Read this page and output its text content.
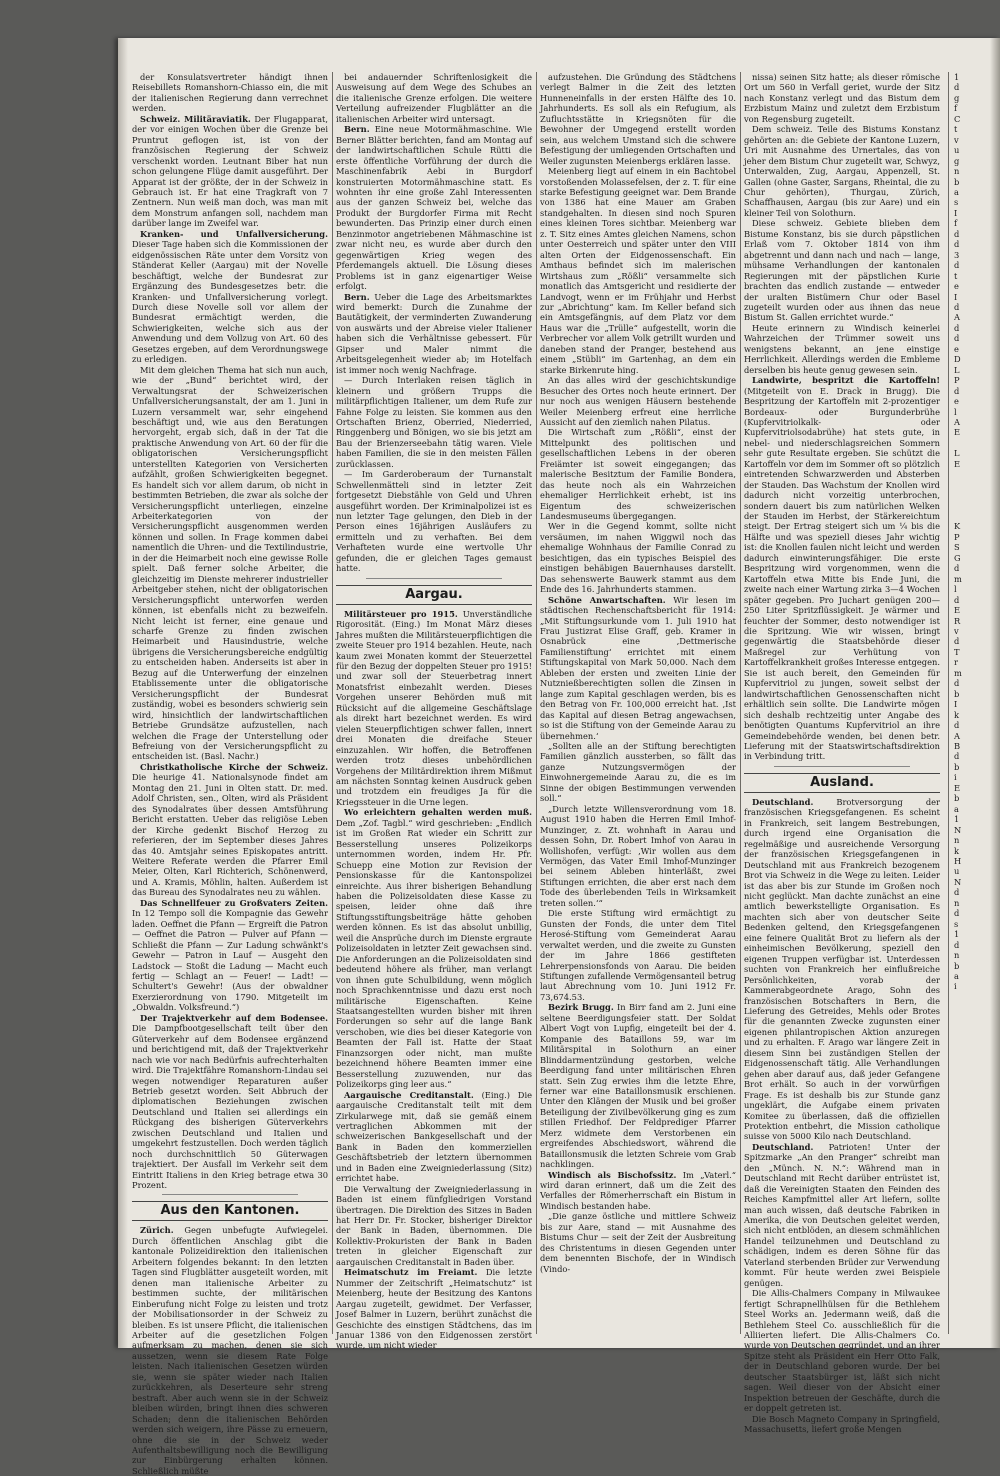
der Konsulatsvertreter händigt ihnen Reisebillets Romanshorn-Chiasso ein, die mit der italienischen Regierung dann verrechnet werden.

Schweiz. Militäraviatik. Der Flugapparat, der vor einigen Wochen über die Grenze bei Pruntrut geflogen ist, ist von der französischen Regierung der Schweiz verschenkt worden. Leutnant Biber hat nun schon gelungene Flüge damit ausgeführt. Der Apparat ist der größte, der in der Schweiz in Gebrauch ist. Er hat eine Tragkraft von 7 Zentnern. Nun weiß man doch, was man mit dem Monstrum anfangen soll, nachdem man darüber lange im Zweifel war.

Kranken- und Unfallversicherung. Dieser Tage haben sich die Kommissionen der eidgenössischen Räte unter dem Vorsitz von Ständerat Keller (Aargau) mit der Novelle beschäftigt, welche der Bundesrat zur Ergänzung des Bundesgesetzes betr. die Kranken- und Unfallversicherung vorlegt. Durch diese Novelle soll vor allem der Bundesrat ermächtigt werden, die Schwierigkeiten, welche sich aus der Anwendung und dem Vollzug von Art. 60 des Gesetzes ergeben, auf dem Verordnungswege zu erledigen.

Mit dem gleichen Thema hat sich nun auch, wie der „Bund“ berichtet wird, der Verwaltungsrat der Schweizerischen Unfallversicherungsanstalt, der am 1. Juni in Luzern versammelt war, sehr eingehend beschäftigt und, wie aus den Beratungen hervorgeht, ergab sich, daß in der Tat die praktische Anwendung von Art. 60 der für die obligatorischen Versicherungspflicht unterstellten Kategorien von Versicherten aufzählt, großen Schwierigkeiten begegnet. Es handelt sich vor allem darum, ob nicht in bestimmten Betrieben, die zwar als solche der Versicherungspflicht unterliegen, einzelne Arbeiterkategorien von der Versicherungspflicht ausgenommen werden können und sollen. In Frage kommen dabei namentlich die Uhren- und die Textilindustrie, in der die Heimarbeit noch eine gewisse Rolle spielt. Daß ferner solche Arbeiter, die gleichzeitig im Dienste mehrerer industrieller Arbeitgeber stehen, nicht der obligatorischen Versicherungspflicht unterworfen werden können, ist ebenfalls nicht zu bezweifeln. Nicht leicht ist ferner, eine genaue und scharfe Grenze zu finden zwischen Heimarbeit und Hausindustrie, welche übrigens die Versicherungsbereiche endgültig zu entscheiden haben. Anderseits ist aber in Bezug auf die Unterwerfung der einzelnen Etablissemente unter die obligatorische Versicherungspflicht der Bundesrat zuständig, wobei es besonders schwierig sein wird, hinsichtlich der landwirtschaftlichen Betriebe Grundsätze aufzustellen, nach welchen die Frage der Unterstellung oder Befreiung von der Versicherungspflicht zu entscheiden ist. (Basl. Nachr.)

Christkatholische Kirche der Schweiz. Die heurige 41. Nationalsynode findet am Montag den 21. Juni in Olten statt. Dr. med. Adolf Christen, sen., Olten, wird als Präsident des Synodalrates über dessen Amtsführung Bericht erstatten. Ueber das religiöse Leben der Kirche gedenkt Bischof Herzog zu referieren, der im September dieses Jahres das 40. Amtsjahr seines Episkopates antritt. Weitere Referate werden die Pfarrer Emil Meier, Olten, Karl Richterich, Schönenwerd, und A. Kramis, Möhlin, halten. Außerdem ist das Bureau des Synodalrates neu zu wählen.

Das Schnellfeuer zu Großvaters Zeiten. In 12 Tempo soll die Kompagnie das Gewehr laden. Oeffnet die Pfann — Ergreift die Patron — Oeffnet die Patron — Pulver auf Pfann — Schließt die Pfann — Zur Ladung schwänkt's Gewehr — Patron in Lauf — Ausgeht den Ladstock — Stoßt die Ladung — Macht euch fertig — Schlagt an — Feuer! — Ladt! — Schultert's Gewehr! (Aus der obwaldner Exerzierordnung von 1790. Mitgeteilt im „Obwaldn. Volksfreund.“)

Der Trajektverkehr auf dem Bodensee. Die Dampfbootgesellschaft teilt über den Güterverkehr auf dem Bodensee ergänzend und berichtigend mit, daß der Trajektverkehr nach wie vor nach Bedürfnis aufrechterhalten wird. Die Trajektfähre Romanshorn-Lindau sei wegen notwendiger Reparaturen außer Betrieb gesetzt worden. Seit Abbruch der diplomatischen Beziehungen zwischen Deutschland und Italien sei allerdings ein Rückgang des bisherigen Güterverkehrs zwischen Deutschland und Italien und umgekehrt festzustellen. Doch werden täglich noch durchschnittlich 50 Güterwagen trajektiert. Der Ausfall im Verkehr seit dem Eintritt Italiens in den Krieg betrage etwa 30 Prozent.

Aus den Kantonen.

Zürich. Gegen unbefugte Aufwiegelei. Durch öffentlichen Anschlag gibt die kantonale Polizeidirektion den italienischen Arbeitern folgendes bekannt: In den letzten Tagen sind Flugblätter ausgeteilt worden, mit denen man italienische Arbeiter zu bestimmen suchte, der militärischen Einberufung nicht Folge zu leisten und trotz der Mobilisationsorder in der Schweiz zu bleiben. Es ist unsere Pflicht, die italienischen Arbeiter auf die gesetzlichen Folgen aufmerksam zu machen, denen sie sich aussetzen, wenn sie diesem Rate Folge leisten. Nach italienischen Gesetzen würden sie, wenn sie später wieder nach Italien zurückkehren, als Deserteure sehr streng bestraft. Aber auch wenn sie in der Schweiz bleiben würden, bringt ihnen dies schweren Schaden; denn die italienischen Behörden werden sich weigern, ihre Pässe zu erneuern, ohne die sie in der Schweiz weder Aufenthaltsbewilligung noch die Bewilligung zur Einbürgerung erhalten können. Schließlich müßte

bei andauernder Schriftenlosigkeit die Ausweisung auf dem Wege des Schubes an die italienische Grenze erfolgen. Die weitere Verteilung aufreizender Flugblätter an die italienischen Arbeiter wird untersagt.

Bern. Eine neue Motormähmaschine. Wie Berner Blätter berichten, fand am Montag auf der landwirtschaftlichen Schule Rütti die erste öffentliche Vorführung der durch die Maschinenfabrik Aebi in Burgdorf konstruierten Motormähmaschine statt. Es wohnten ihr eine große Zahl Interessenten aus der ganzen Schweiz bei, welche das Produkt der Burgdorfer Firma mit Recht bewunderten. Das Prinzip einer durch einen Benzinmotor angetriebenen Mähmaschine ist zwar nicht neu, es wurde aber durch den gegenwärtigen Krieg wegen des Pferdemangels aktuell. Die Lösung dieses Problems ist in ganz eigenartiger Weise erfolgt.

Bern. Ueber die Lage des Arbeitsmarktes wird bemerkt: Durch die Zunahme der Bautätigkeit, der verminderten Zuwanderung von auswärts und der Abreise vieler Italiener haben sich die Verhältnisse gebessert. Für Gipser und Maler nimmt die Arbeitsgelegenheit wieder ab; im Hotelfach ist immer noch wenig Nachfrage.

— Durch Interlaken reisen täglich in kleinern und größern Trupps die militärpflichtigen Italiener, um dem Rufe zur Fahne Folge zu leisten. Sie kommen aus den Ortschaften Brienz, Oberried, Niederried, Ringgenberg und Bönigen, wo sie bis jetzt am Bau der Brienzerseebahn tätig waren. Viele haben Familien, die sie in den meisten Fällen zurücklassen.

— Im Garderoberaum der Turnanstalt Schwellenmätteli sind in letzter Zeit fortgesetzt Diebstähle von Geld und Uhren ausgeführt worden. Der Kriminalpolizei ist es nun letzter Tage gelungen, den Dieb in der Person eines 16jährigen Ausläufers zu ermitteln und zu verhaften. Bei dem Verhafteten wurde eine wertvolle Uhr gefunden, die er gleichen Tages gemaust hatte.

Aargau.

Militärsteuer pro 1915. Unverständliche Rigorosität. (Eing.) Im Monat März dieses Jahres mußten die Militärsteuerpflichtigen die zweite Steuer pro 1914 bezahlen. Heute, nach kaum zwei Monaten kommt der Steuerzettel für den Bezug der doppelten Steuer pro 1915! und zwar soll der Steuerbetrag innert Monatsfrist einbezahlt werden. Dieses Vorgehen unserer Behörden muß mit Rücksicht auf die allgemeine Geschäftslage als direkt hart bezeichnet werden. Es wird vielen Steuerpflichtigen schwer fallen, innert drei Monaten die dreifache Steuer einzuzahlen. Wir hoffen, die Betroffenen werden trotz dieses unbehördlichen Vorgehens der Militärdirektion ihrem Mißmut am nächsten Sonntag keinen Ausdruck geben und trotzdem ein freudiges Ja für die Kriegssteuer in die Urne legen.

Wo erleichtern gehalten werden muß. Dem „Zof. Tagbl.“ wird geschrieben: „Endlich ist im Großen Rat wieder ein Schritt zur Besserstellung unseres Polizeikorps unternommen worden, indem Hr. Pfr. Schuepp eine Motion zur Revision der Pensionskasse für die Kantonspolizei einreichte. Aus ihrer bisherigen Behandlung haben die Polizeisoldaten diese Kasse zu speisen, leider ohne daß ihre Stiftungsstiftungsbeiträge hätte gehoben werden können. Es ist das absolut unbillig, weil die Ansprüche durch im Dienste ergraute Polizeisoldaten in letzter Zeit gewachsen sind. Die Anforderungen an die Polizeisoldaten sind bedeutend höhere als früher, man verlangt von ihnen gute Schulbildung, wenn möglich noch Sprachkenntnisse und dazu erst noch militärische Eigenschaften. Keine Staatsangestellten wurden bisher mit ihren Forderungen so sehr auf die lange Bank verschoben, wie dies bei dieser Kategorie von Beamten der Fall ist. Hatte der Staat Finanzsorgen oder nicht, man mußte bezeichnend höhere Beamten immer eine Besserstellung zuzuwenden, nur das Polizeikorps ging leer aus.“

Aargauische Creditanstalt. (Eing.) Die aargauische Creditanstalt teilt mit dem Zirkularwege mit, daß sie gemäß einem vertraglichen Abkommen mit der schweizerischen Bankgesellschaft und der Bank in Baden den kommerziellen Geschäftsbetrieb der letztern übernommen und in Baden eine Zweigniederlassung (Sitz) errichtet habe.

Die Verwaltung der Zweigniederlassung in Baden ist einem fünfgliedrigen Vorstand übertragen. Die Direktion des Sitzes in Baden hat Herr Dr. Fr. Stocker, bisheriger Direktor der Bank in Baden, übernommen. Die Kollektiv-Prokuristen der Bank in Baden treten in gleicher Eigenschaft zur aargauischen Creditanstalt in Baden über.

Heimatschutz im Freiamt. Die letzte Nummer der Zeitschrift „Heimatschutz“ ist Meienberg, heute der Besitzung des Kantons Aargau zugeteilt, gewidmet. Der Verfasser, Josef Balmer in Luzern, berührt zunächst die Geschichte des einstigen Städtchens, das im Januar 1386 von den Eidgenossen zerstört wurde, um nicht wieder

aufzustehen. Die Gründung des Städtchens verlegt Balmer in die Zeit des letzten Hunneneinfalls in der ersten Hälfte des 10. Jahrhunderts. Es soll als ein Refugium, als Zufluchtsstätte in Kriegsnöten für die Bewohner der Umgegend erstellt worden sein, aus welchem Umstand sich die schwere Befestigung der umliegenden Ortschaften und Weiler zugunsten Meienbergs erklären lasse.

Meienberg liegt auf einem in ein Bachtobel vorstoßenden Molassefelsen, der z. T. für eine starke Befestigung geeignet war. Dem Brande von 1386 hat eine Mauer am Graben standgehalten. In diesen sind noch Spuren eines kleinen Tores sichtbar. Meienberg war z. T. Sitz eines Amtes gleichen Namens, schon unter Oesterreich und später unter den VIII alten Orten der Eidgenossenschaft. Ein Amthaus befindet sich im malerischen Wirtshaus zum „Rößli“ versammelte sich monatlich das Amtsgericht und residierte der Landvogt, wenn er im Frühjahr und Herbst zur „Abrichtung“ kam. Im Keller befand sich ein Amtsgefängnis, auf dem Platz vor dem Haus war die „Trülle“ aufgestellt, worin die Verbrecher vor allem Volk getrillt wurden und daneben stand der Pranger, bestehend aus einem „Stübli“ im Gartenhag, an dem ein starke Birkenrute hing.

An das alles wird der geschichtskundige Besucher des Ortes noch heute erinnert. Der nur noch aus wenigen Häusern bestehende Weiler Meienberg erfreut eine herrliche Aussicht auf den ziemlich nahen Pilatus.

Die Wirtschaft zum „Rößli“, einst der Mittelpunkt des politischen und gesellschaftlichen Lebens in der oberen Freiämter ist soweit eingegangen; das malerische Besitztum der Familie Bondera, das heute noch als ein Wahrzeichen ehemaliger Herrlichkeit erhebt, ist ins Eigentum des schweizerischen Landesmuseums übergegangen.

Wer in die Gegend kommt, sollte nicht versäumen, im nahen Wiggwil noch das ehemalige Wohnhaus der Familie Conrad zu besichtigen, das ein typisches Beispiel des einstigen behäbigen Bauernhauses darstellt. Das sehenswerte Bauwerk stammt aus dem Ende des 16. Jahrhunderts stammen.

Schöne Anwartschaften. Wir lesen im städtischen Rechenschaftsbericht für 1914: „Mit Stiftungsurkunde vom 1. Juli 1910 hat Frau Justizrat Elise Graff, geb. Kramer in Osnabrück eine ‚Dettmerische Familienstiftung‘ errichtet mit einem Stiftungskapital von Mark 50,000. Nach dem Ableben der ersten und zweiten Linie der Nutznießberechtigten sollen die Zinsen in lange zum Kapital geschlagen werden, bis es den Betrag von Fr. 100,000 erreicht hat. ‚Ist das Kapital auf diesen Betrag angewachsen, so ist die Stiftung von der Gemeinde Aarau zu übernehmen.‘

„Sollten alle an der Stiftung berechtigten Familien gänzlich aussterben, so fällt das ganze Nutzungsvermögen der Einwohnergemeinde Aarau zu, die es im Sinne der obigen Bestimmungen verwenden soll.“

„Durch letzte Willensverordnung vom 18. August 1910 haben die Herren Emil Imhof-Munzinger, z. Zt. wohnhaft in Aarau und dessen Sohn, Dr. Robert Imhof von Aarau in Wollishofen, verfügt: ‚Wir wollen aus dem Vermögen, das Vater Emil Imhof-Munzinger bei seinem Ableben hinterläßt, zwei Stiftungen errichten, die aber erst nach dem Tode des überlebenden Teils in Wirksamkeit treten sollen.‘“

Die erste Stiftung wird ermächtigt zu Gunsten der Fonds, die unter dem Titel Herosé-Stiftung vom Gemeinderat Aarau verwaltet werden, und die zweite zu Gunsten der im Jahre 1866 gestifteten Lehrerpensionsfonds von Aarau. Die beiden Stiftungen zufallende Vermögensanteil betrug laut Abrechnung vom 10. Juni 1912 Fr. 73,674.53.

Bezirk Brugg. In Birr fand am 2. Juni eine seltene Beerdigungsfeier statt. Der Soldat Albert Vogt von Lupfig, eingeteilt bei der 4. Kompanie des Bataillons 59, war im Militärspital in Solothurn an einer Blinddarmentzündung gestorben, welche Beerdigung fand unter militärischen Ehren statt. Sein Zug erwies ihm die letzte Ehre, ferner war eine Bataillonsmusik erschienen. Unter den Klängen der Musik und bei großer Beteiligung der Zivilbevölkerung ging es zum stillen Friedhof. Der Feldprediger Pfarrer Merz widmete dem Verstorbenen ein ergreifendes Abschiedswort, während die Bataillonsmusik die letzten Schreie vom Grab nachklingen.

Windisch als Bischofssitz. Im „Vaterl.“ wird daran erinnert, daß um die Zeit des Verfalles der Römerherrschaft ein Bistum in Windisch bestanden habe.

„Die ganze östliche und mittlere Schweiz bis zur Aare, stand — mit Ausnahme des Bistums Chur — seit der Zeit der Ausbreitung des Christentums in diesen Gegenden unter dem benennten Bischofe, der in Windisch (Vindo-

nissa) seinen Sitz hatte; als dieser römische Ort um 560 in Verfall geriet, wurde der Sitz nach Konstanz verlegt und das Bistum dem Erzbistum Mainz und zuletzt dem Erzbistum von Regensburg zugeteilt.

Dem schweiz. Teile des Bistums Konstanz gehörten an: die Gebiete der Kantone Luzern, Uri mit Ausnahme des Urnertales, das von jeher dem Bistum Chur zugeteilt war, Schwyz, Unterwalden, Zug, Aargau, Appenzell, St. Gallen (ohne Gaster, Sargans, Rheintal, die zu Chur gehörten), Thurgau, Zürich, Schaffhausen, Aargau (bis zur Aare) und ein kleiner Teil von Solothurn.

Diese schweiz. Gebiete blieben dem Bistume Konstanz, bis sie durch päpstlichen Erlaß vom 7. Oktober 1814 von ihm abgetrennt und dann nach und nach — lange, mühsame Verhandlungen der kantonalen Regierungen mit der päpstlichen Kurie brachten das endlich zustande — entweder der uralten Bistümern Chur oder Basel zugeteilt wurden oder aus ihnen das neue Bistum St. Gallen errichtet wurde.“

Heute erinnern zu Windisch keinerlei Wahrzeichen der Trümmer soweit uns wenigstens bekannt, an jene einstige Herrlichkeit. Allerdings werden die Embleme derselben bis heute genug gewesen sein.

Landwirte, bespritzt die Kartoffeln! (Mitgeteilt von E. Drack in Brugg). Die Bespritzung der Kartoffeln mit 2-prozentiger Bordeaux- oder Burgunderbrühe (Kupfervitriolkalk- oder Kupfervitriolsodabrühe) hat stets gute, in nebel- und niederschlagsreichen Sommern sehr gute Resultate ergeben. Sie schützt die Kartoffeln vor dem im Sommer oft so plötzlich eintretenden Schwarzwerden und Absterben der Stauden. Das Wachstum der Knollen wird dadurch nicht vorzeitig unterbrochen, sondern dauert bis zum natürlichen Welken der Stauden im Herbst, der Stärkereichtum steigt. Der Ertrag steigert sich um ¼ bis die Hälfte und was speziell dieses Jahr wichtig ist: die Knollen faulen nicht leicht und werden dadurch einwinterungsfähiger. Die erste Bespritzung wird vorgenommen, wenn die Kartoffeln etwa Mitte bis Ende Juni, die zweite nach einer Wartung zirka 3—4 Wochen später gegeben. Pro Juchart genügen 200—250 Liter Spritzflüssigkeit. Je wärmer und feuchter der Sommer, desto notwendiger ist die Spritzung. Wie wir wissen, bringt gegenwärtig die Staatsbehörde dieser Maßregel zur Verhütung von Kartoffelkrankheit großes Interesse entgegen. Sie ist auch bereit, den Gemeinden für Kupfervitriol zu jungen, soweit selbst der landwirtschaftlichen Genossenschaften nicht erhältlich sein sollte. Die Landwirte mögen sich deshalb rechtzeitig unter Angabe des benötigten Quantums Kupfervitriol an ihre Gemeindebehörde wenden, bei denen betr. Lieferung mit der Staatswirtschaftsdirektion in Verbindung tritt.

Ausland.

Deutschland.	Brotversorgung der französischen Kriegsgefangenen. Es scheint in Frankreich, seit langem Bestrebungen, durch irgend eine Organisation die regelmäßige und ausreichende Versorgung der französischen Kriegsgefangenen in Deutschland mit aus Frankreich bezogenem Brot via Schweiz in die Wege zu leiten. Leider ist das aber bis zur Stunde im Großen noch nicht geglückt. Man dachte zunächst an eine amtlich bewerkstelligte Organisation. Es machten sich aber von deutscher Seite Bedenken geltend, den Kriegsgefangenen eine feinere Qualität Brot zu liefern als der einheimischen Bevölkerung, speziell den eigenen Truppen verfügbar ist. Unterdessen suchten von Frankreich her einflußreiche Persönlichkeiten, vorab der Kammerabgeordnete Arago, Sohn des französischen Botschafters in Bern, die Lieferung des Getreides, Mehls oder Brotes für die genannten Zwecke zugunsten einer eigenen philantropischen Aktion anzuregen und zu erhalten. F. Arago war längere Zeit in diesem Sinn bei zuständigen Stellen der Eidgenossenschaft tätig. Alle Verhandlungen gehen aber darauf aus, daß jeder Gefangene Brot erhält. So auch in der vorwürfigen Frage. Es ist deshalb bis zur Stunde ganz ungeklärt, die Aufgabe einem privaten Komitee zu überlassen, daß die offiziellen Protektion entbehrt, die Mission catholique suisse von 5000 Kilo nach Deutschland.

Deutschland. Patrioten! Unter der Spitzmarke „An den Pranger“ schreibt man den „Münch. N. N.“: Während man in Deutschland mit Recht darüber entrüstet ist, daß die Vereinigten Staaten den Feinden des Reiches Kampfmittel aller Art liefern, sollte man auch wissen, daß deutsche Fabriken in Amerika, die von Deutschen geleitet werden, sich nicht entblöden, an diesem schmählichen Handel teilzunehmen und Deutschland zu schädigen, indem es deren Söhne für das Vaterland sterbenden Brüder zur Verwendung kommt. Für heute werden zwei Beispiele genügen.

Die Allis-Chalmers Company in Milwaukee fertigt Schrapnellhülsen für die Bethlehem Steel Works an. Jedermann weiß, daß die Bethlehem Steel Co. ausschließlich für die Alliierten liefert. Die Allis-Chalmers Co. wurde von Deutschen gegründet, und an ihrer Spitze steht als Präsident ein Herr Otto Falk, der in Deutschland geboren wurde. Der bei deutscher Staatsbürger ist, läßt sich nicht sagen. Weil dieser von der Absicht einer Inspektion betreuen der Geschäfte, durch die er doppelt getreten ist.

Die Bosch Magneto Company in Springfield, Massachusetts, liefert große Mengen

1
d
g
f
C
t
v
u
g
n
b
a
s
I
f
d
d
3
d
t
e
I
d
A
d
d
e
D
L
P
d
e
l
A
E

L
E

K
P
S
G
d
m
l
d
E
R
v
d
T
r
m
d
b
I
k
d
A
B
d
b
i
E
b
a
1
N
n
k
H
u
N
d
n
d
s
1
d
n
b
a
i
